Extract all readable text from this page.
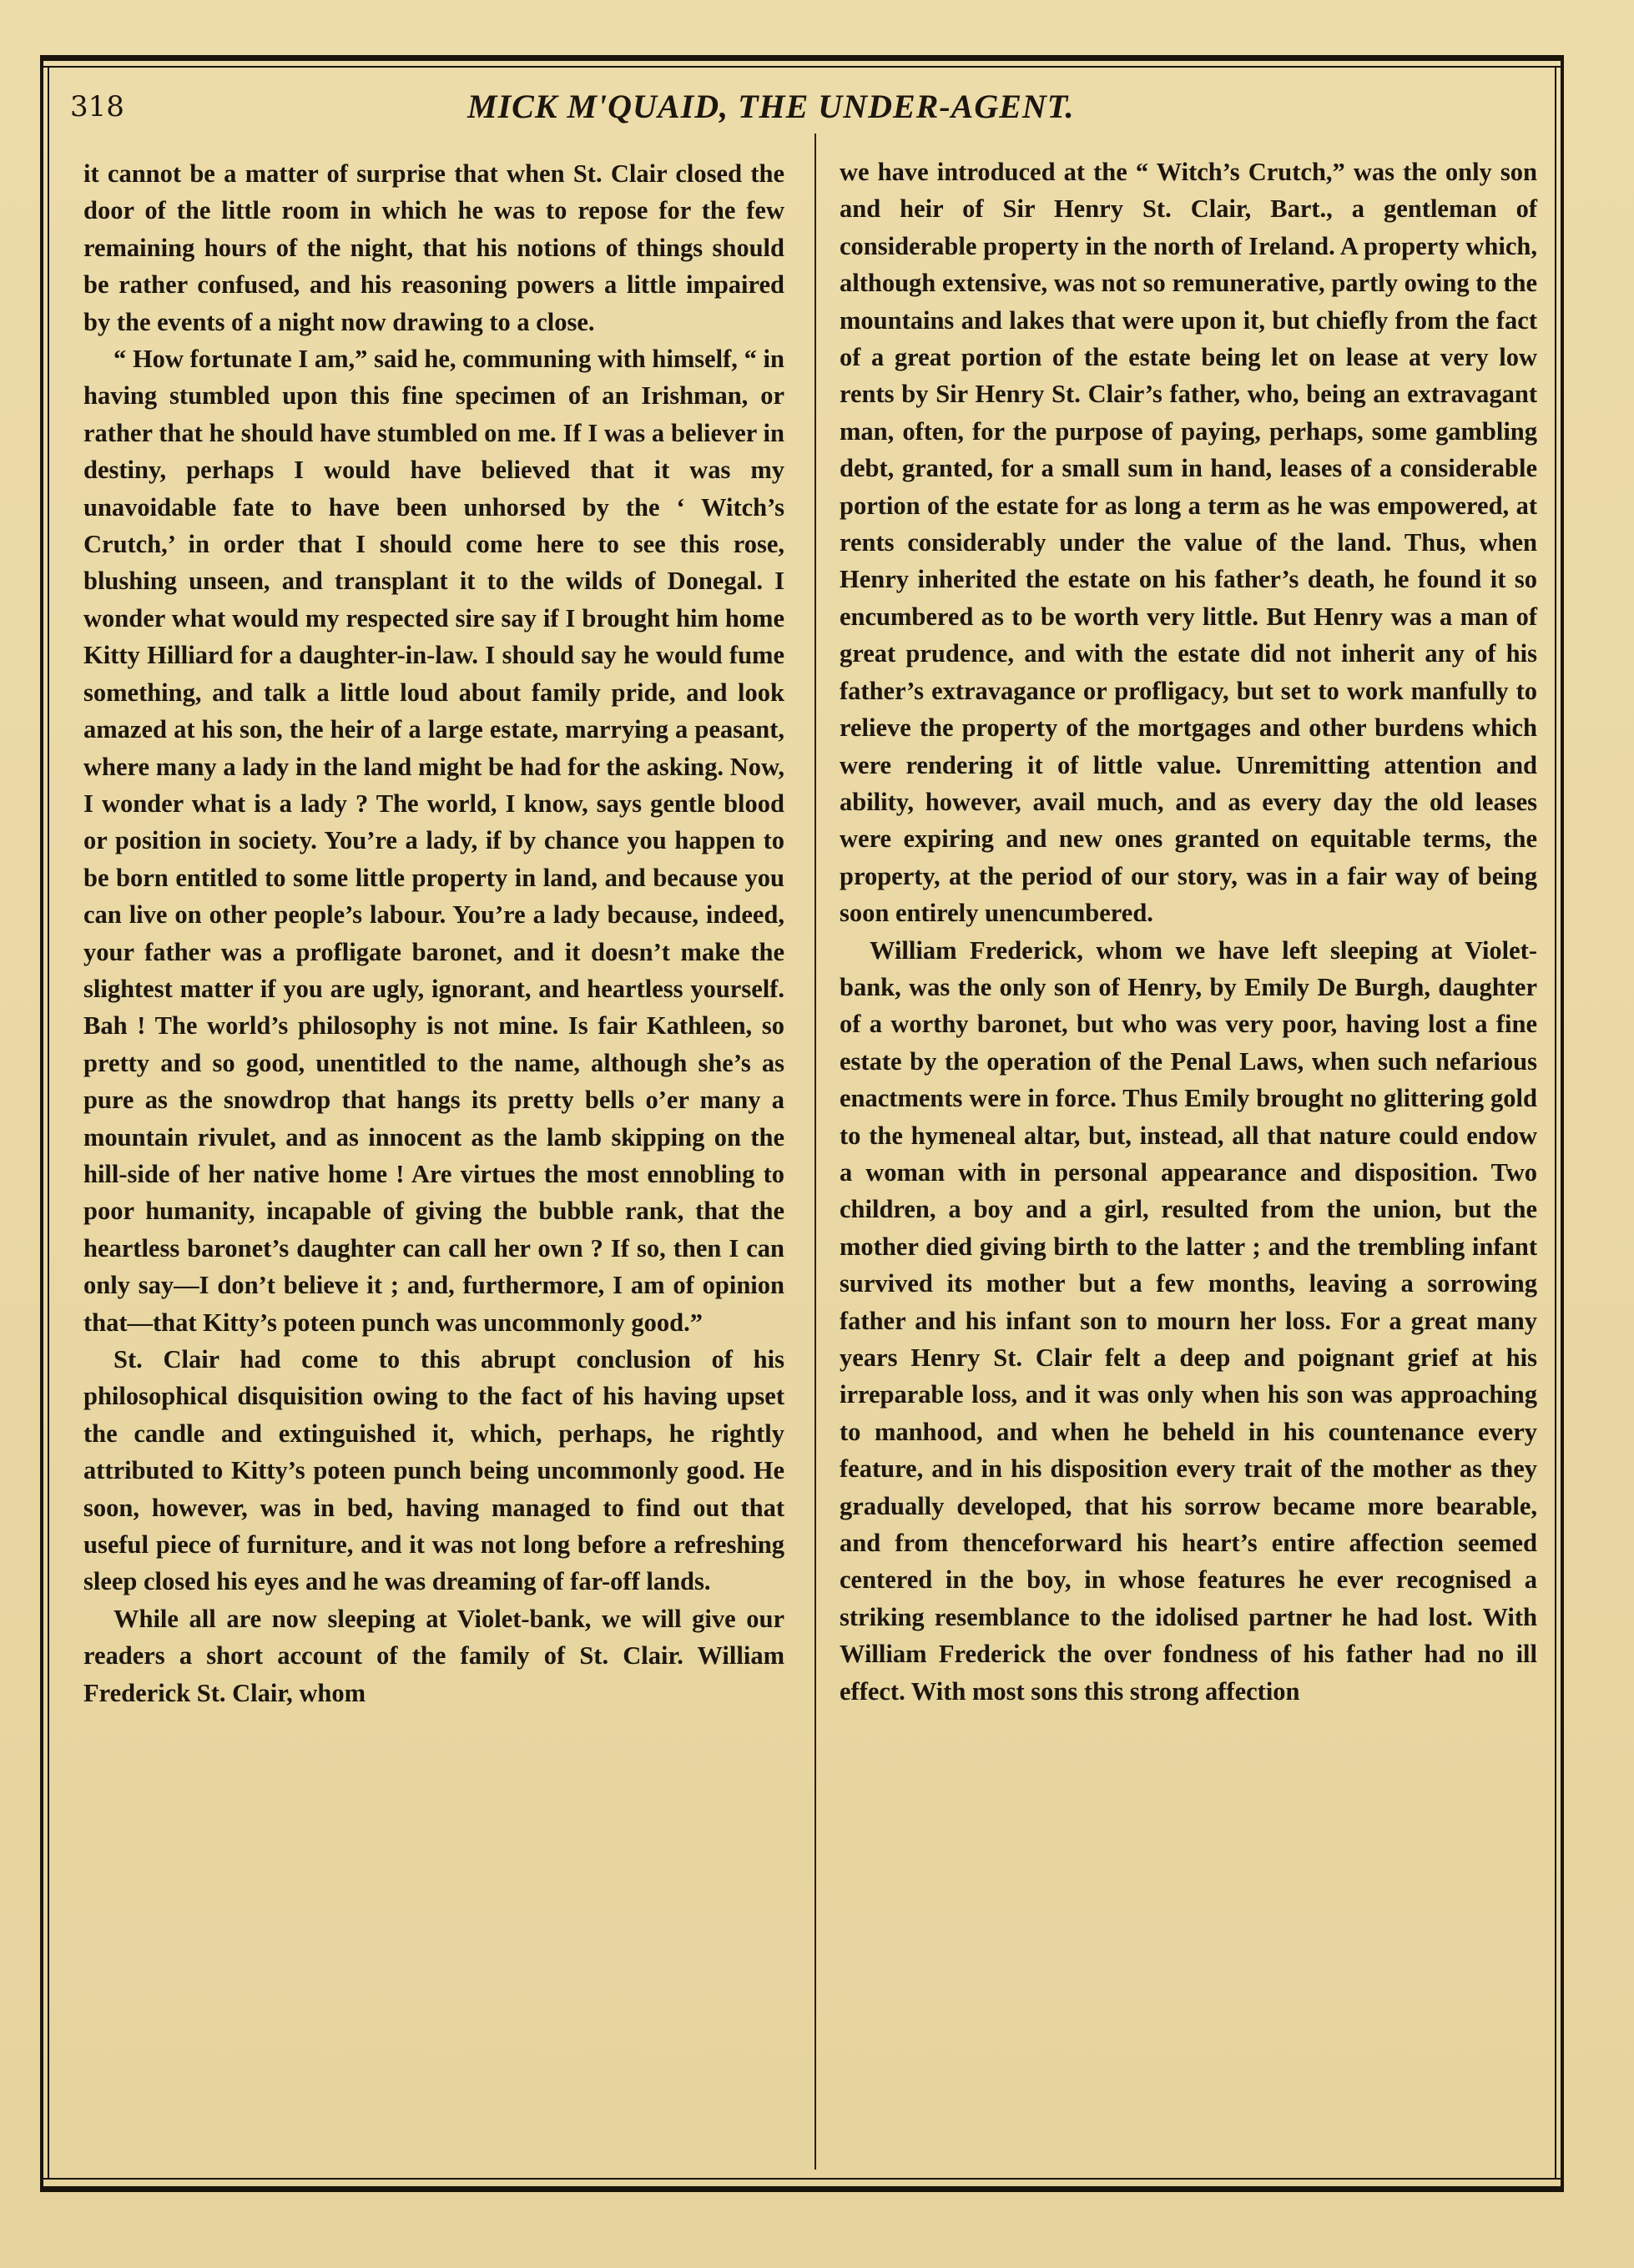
318	MICK M'QUAID, THE UNDER-AGENT.

it cannot be a matter of surprise that when St. Clair closed the door of the little room in which he was to repose for the few remaining hours of the night, that his notions of things should be rather confused, and his reasoning powers a little impaired by the events of a night now drawing to a close.

“ How fortunate I am,” said he, communing with himself, “ in having stumbled upon this fine specimen of an Irishman, or rather that he should have stumbled on me. If I was a believer in destiny, perhaps I would have believed that it was my unavoidable fate to have been unhorsed by the ‘ Witch’s Crutch,’ in order that I should come here to see this rose, blushing unseen, and transplant it to the wilds of Donegal. I wonder what would my respected sire say if I brought him home Kitty Hilliard for a daughter-in-law. I should say he would fume something, and talk a little loud about family pride, and look amazed at his son, the heir of a large estate, marrying a peasant, where many a lady in the land might be had for the asking. Now, I wonder what is a lady ? The world, I know, says gentle blood or position in society. You’re a lady, if by chance you happen to be born entitled to some little property in land, and because you can live on other people’s labour. You’re a lady because, indeed, your father was a profligate baronet, and it doesn’t make the slightest matter if you are ugly, ignorant, and heartless yourself. Bah ! The world’s philosophy is not mine. Is fair Kathleen, so pretty and so good, unentitled to the name, although she’s as pure as the snowdrop that hangs its pretty bells o’er many a mountain rivulet, and as innocent as the lamb skipping on the hill-side of her native home ! Are virtues the most ennobling to poor humanity, incapable of giving the bubble rank, that the heartless baronet’s daughter can call her own ? If so, then I can only say—I don’t believe it ; and, furthermore, I am of opinion that—that Kitty’s poteen punch was uncommonly good.”

St. Clair had come to this abrupt conclusion of his philosophical disquisition owing to the fact of his having upset the candle and extinguished it, which, perhaps, he rightly attributed to Kitty’s poteen punch being uncommonly good. He soon, however, was in bed, having managed to find out that useful piece of furniture, and it was not long before a refreshing sleep closed his eyes and he was dreaming of far-off lands.

While all are now sleeping at Violet-bank, we will give our readers a short account of the family of St. Clair. William Frederick St. Clair, whom

we have introduced at the “ Witch’s Crutch,” was the only son and heir of Sir Henry St. Clair, Bart., a gentleman of considerable property in the north of Ireland. A property which, although extensive, was not so remunerative, partly owing to the mountains and lakes that were upon it, but chiefly from the fact of a great portion of the estate being let on lease at very low rents by Sir Henry St. Clair’s father, who, being an extravagant man, often, for the purpose of paying, perhaps, some gambling debt, granted, for a small sum in hand, leases of a considerable portion of the estate for as long a term as he was empowered, at rents considerably under the value of the land. Thus, when Henry inherited the estate on his father’s death, he found it so encumbered as to be worth very little. But Henry was a man of great prudence, and with the estate did not inherit any of his father’s extravagance or profligacy, but set to work manfully to relieve the property of the mortgages and other burdens which were rendering it of little value. Unremitting attention and ability, however, avail much, and as every day the old leases were expiring and new ones granted on equitable terms, the property, at the period of our story, was in a fair way of being soon entirely unencumbered.

William Frederick, whom we have left sleeping at Violet-bank, was the only son of Henry, by Emily De Burgh, daughter of a worthy baronet, but who was very poor, having lost a fine estate by the operation of the Penal Laws, when such nefarious enactments were in force. Thus Emily brought no glittering gold to the hymeneal altar, but, instead, all that nature could endow a woman with in personal appearance and disposition. Two children, a boy and a girl, resulted from the union, but the mother died giving birth to the latter ; and the trembling infant survived its mother but a few months, leaving a sorrowing father and his infant son to mourn her loss. For a great many years Henry St. Clair felt a deep and poignant grief at his irreparable loss, and it was only when his son was approaching to manhood, and when he beheld in his countenance every feature, and in his disposition every trait of the mother as they gradually developed, that his sorrow became more bearable, and from thenceforward his heart’s entire affection seemed centered in the boy, in whose features he ever recognised a striking resemblance to the idolised partner he had lost. With William Frederick the over fondness of his father had no ill effect. With most sons this strong affection
